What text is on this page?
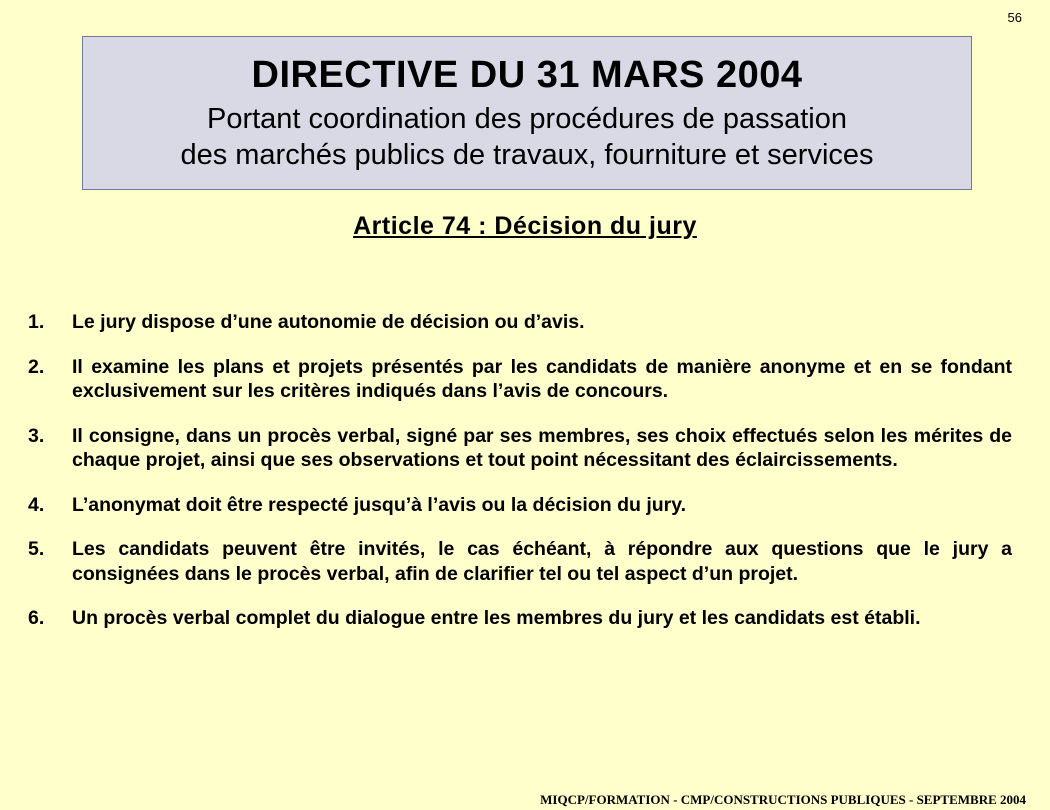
56
DIRECTIVE DU 31 MARS 2004
Portant coordination des procédures de passation
des marchés publics de travaux, fourniture et services
Article 74 : Décision du jury
1.	Le jury dispose d’une autonomie de décision ou d’avis.
2.	Il examine les plans et projets présentés par les candidats de manière anonyme et en se fondant exclusivement sur les critères indiqués dans l’avis de concours.
3.	Il consigne, dans un procès verbal, signé par ses membres, ses choix effectués selon les mérites de chaque projet, ainsi que ses observations et tout point nécessitant des éclaircissements.
4.	L’anonymat doit être respecté jusqu’à l’avis ou la décision du jury.
5.	Les candidats peuvent être invités, le cas échéant, à répondre aux questions que le jury a consignées dans le procès verbal, afin de clarifier tel ou tel aspect d’un projet.
6.	Un procès verbal complet du dialogue entre les membres du jury et les candidats est établi.
MIQCP/FORMATION - CMP/CONSTRUCTIONS PUBLIQUES - SEPTEMBRE 2004
